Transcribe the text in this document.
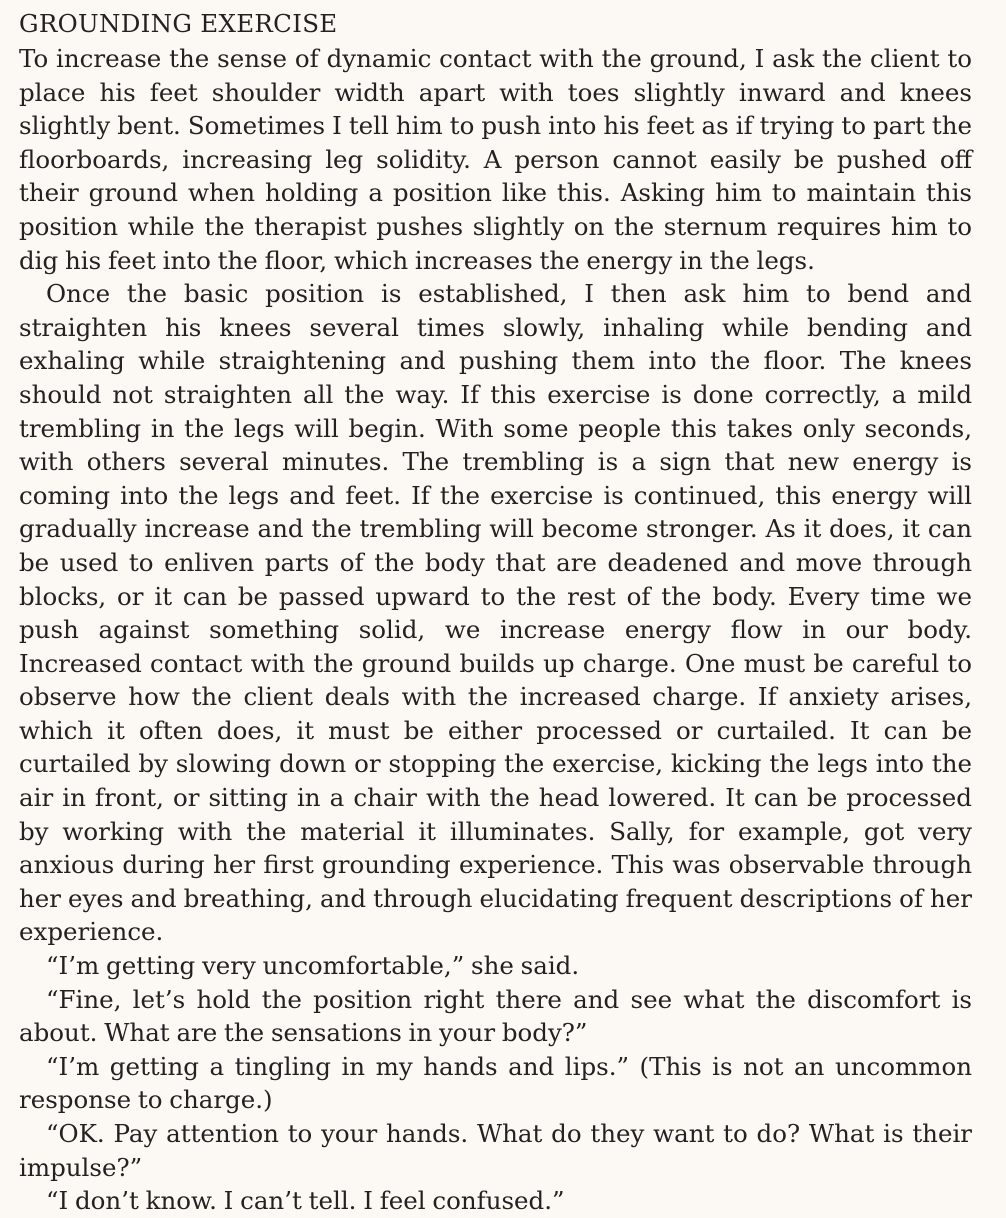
GROUNDING EXERCISE

To increase the sense of dynamic contact with the ground, I ask the client to place his feet shoulder width apart with toes slightly inward and knees slightly bent. Sometimes I tell him to push into his feet as if trying to part the floorboards, increasing leg solidity. A person cannot easily be pushed off their ground when holding a position like this. Asking him to maintain this position while the therapist pushes slightly on the sternum requires him to dig his feet into the floor, which increases the energy in the legs.

Once the basic position is established, I then ask him to bend and straighten his knees several times slowly, inhaling while bending and exhaling while straightening and pushing them into the floor. The knees should not straighten all the way. If this exercise is done correctly, a mild trembling in the legs will begin. With some people this takes only seconds, with others several minutes. The trembling is a sign that new energy is coming into the legs and feet. If the exercise is continued, this energy will gradually increase and the trembling will become stronger. As it does, it can be used to enliven parts of the body that are deadened and move through blocks, or it can be passed upward to the rest of the body. Every time we push against something solid, we increase energy flow in our body. Increased contact with the ground builds up charge. One must be careful to observe how the client deals with the increased charge. If anxiety arises, which it often does, it must be either processed or curtailed. It can be curtailed by slowing down or stopping the exercise, kicking the legs into the air in front, or sitting in a chair with the head lowered. It can be processed by working with the material it illuminates. Sally, for example, got very anxious during her first grounding experience. This was observable through her eyes and breathing, and through elucidating frequent descriptions of her experience.

“I’m getting very uncomfortable,” she said.

“Fine, let’s hold the position right there and see what the discomfort is about. What are the sensations in your body?”

“I’m getting a tingling in my hands and lips.” (This is not an uncommon response to charge.)

“OK. Pay attention to your hands. What do they want to do? What is their impulse?”

“I don’t know. I can’t tell. I feel confused.”
